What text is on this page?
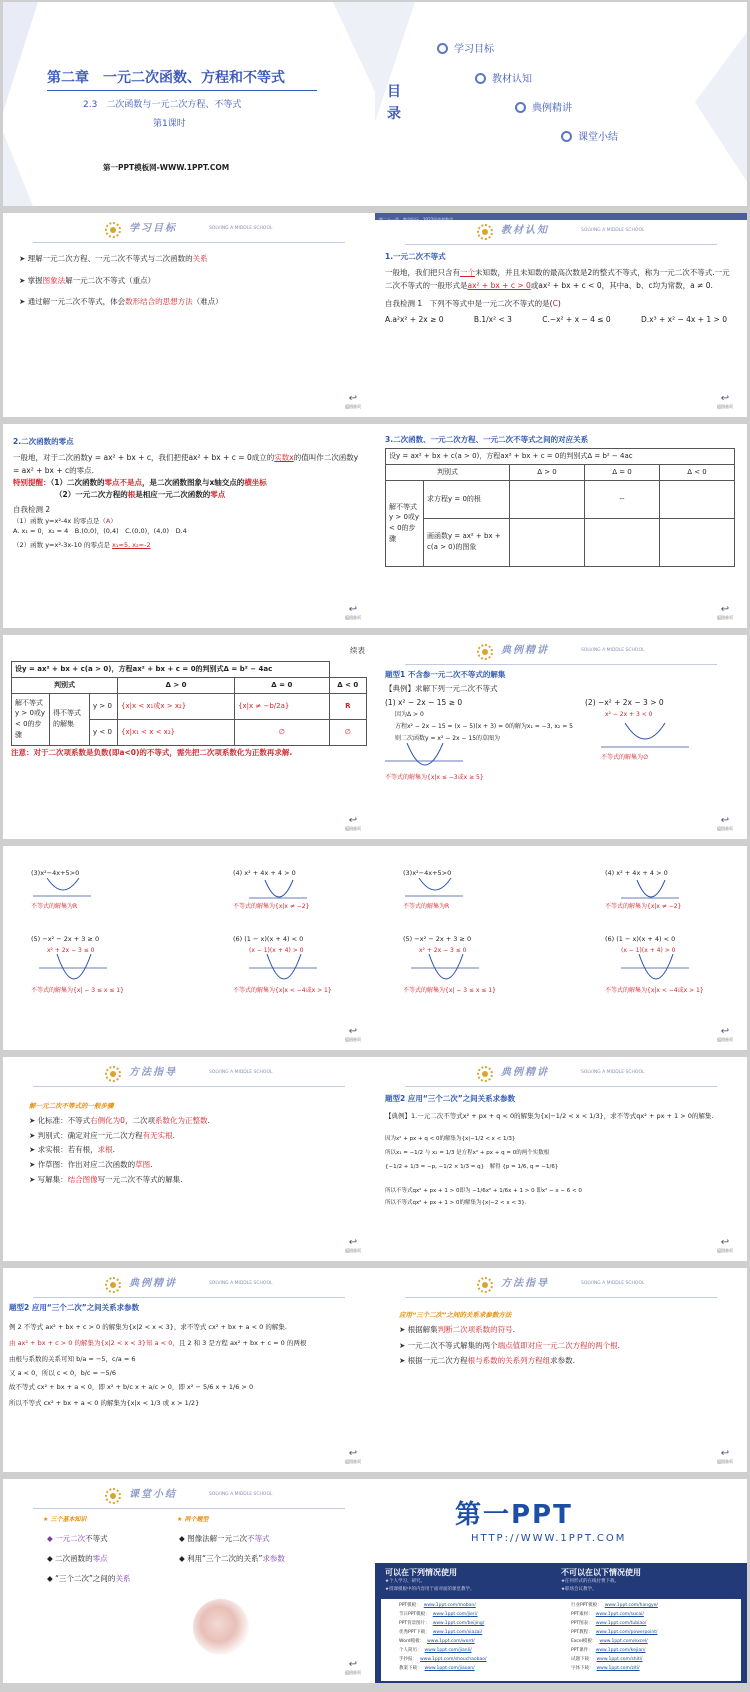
第二章　一元二次函数、方程和不等式
2.3　二次函数与一元二次方程、不等式
第1课时
第一PPT模板网-WWW.1PPT.COM
目
录
学习目标
教材认知
典例精讲
课堂小结
学习目标	SOLVING A MIDDLE SCHOOL
➤ 理解一元二次方程、一元二次不等式与二次函数的关系
➤ 掌握图象法解一元二次不等式（重点）
➤ 通过解一元二次不等式，体会数形结合的思想方法（难点）
↩
返回首页
第二十一章　数学好玩　2022届高考数学
教材认知	SOLVING A MIDDLE SCHOOL
1.一元二次不等式
一般地，我们把只含有一个未知数，并且未知数的最高次数是2的整式不等式，称为一元二次不等式.一元二次不等式的一般形式是ax² + bx + c > 0或ax² + bx + c < 0，其中a、b、c均为常数，a ≠ 0.
自我检测 1　下列不等式中是一元二次不等式的是(C)
A.a²x² + 2x ≥ 0	B.1/x² < 3	C.−x² + x − 4 ≤ 0	D.x³ + x² − 4x + 1 > 0
↩
返回首页
2.二次函数的零点
一般地，对于二次函数y = ax² + bx + c，我们把使ax² + bx + c = 0成立的实数x的值叫作二次函数y = ax² + bx + c的零点.
特别提醒：（1）二次函数的零点不是点，是二次函数图象与x轴交点的横坐标
（2）一元二次方程的根是相应一元二次函数的零点
自我检测 2
（1）函数 y=x²-4x 的零点是（A）
A. x₁ = 0，x₂ = 4　B.(0,0)，(0,4)　C.(0,0)，(4,0)　D.4
（2）函数 y=x²-3x-10 的零点是 x₁=5, x₂=-2
↩
返回首页
3.二次函数、一元二次方程、一元二次不等式之间的对应关系
设y = ax² + bx + c(a > 0)，方程ax² + bx + c = 0的判别式Δ = b² − 4ac				
判别式		Δ > 0	Δ = 0	Δ < 0
解不等式y > 0或y < 0的步骤	求方程y = 0的根		--	
	画函数y = ax² + bx + c(a > 0)的图象			
↩
返回首页
续表
设y = ax² + bx + c(a > 0)，方程ax² + bx + c = 0的判别式Δ = b² − 4ac					
判别式			Δ > 0	Δ = 0	Δ < 0
解不等式y > 0或y < 0的步骤	得不等式的解集	y > 0	{x|x < x₁或x > x₂}	{x|x ≠ −b/2a}	R
		y < 0	{x|x₁ < x < x₂}	∅	∅
注意：对于二次项系数是负数(即a<0)的不等式，需先把二次项系数化为正数再求解.
↩
返回首页
典例精讲	SOLVING A MIDDLE SCHOOL
题型1 不含参一元二次不等式的解集
【典例】求解下列一元二次不等式
(1) x² − 2x − 15 ≥ 0
因为Δ > 0
方程x² − 2x − 15 = (x − 5)(x + 3) = 0的解为x₁ = −3, x₂ = 5
则二次函数y = x² − 2x − 15的草图为
不等式的解集为{x|x ≤ −3或x ≥ 5}
(2) −x² + 2x − 3 > 0
x² − 2x + 3 < 0
不等式的解集为∅
↩
返回首页
(3)x²−4x+5>0
不等式的解集为R
(4) x² + 4x + 4 > 0
不等式的解集为{x|x ≠ −2}
(5) −x² − 2x + 3 ≥ 0
x² + 2x − 3 ≤ 0
不等式的解集为{x| − 3 ≤ x ≤ 1}
(6) (1 − x)(x + 4) < 0
(x − 1)(x + 4) > 0
不等式的解集为{x|x < −4或x > 1}
↩
返回首页
(3)x²−4x+5>0
不等式的解集为R
(4) x² + 4x + 4 > 0
不等式的解集为{x|x ≠ −2}
(5) −x² − 2x + 3 ≥ 0
x² + 2x − 3 ≤ 0
不等式的解集为{x| − 3 ≤ x ≤ 1}
(6) (1 − x)(x + 4) < 0
(x − 1)(x + 4) > 0
不等式的解集为{x|x < −4或x > 1}
↩
返回首页
方法指导	SOLVING A MIDDLE SCHOOL
解一元二次不等式的一般步骤
➤ 化标准：不等式右侧化为0，二次项系数化为正整数.
➤ 判别式：确定对应一元二次方程有无实根.
➤ 求实根：若有根，求根.
➤ 作草图：作出对应二次函数的草图.
➤ 写解集：结合图像写一元二次不等式的解集.
↩
返回首页
典例精讲	SOLVING A MIDDLE SCHOOL
题型2 应用“三个二次”之间关系求参数
【典例】1.一元二次不等式x² + px + q < 0的解集为{x|−1/2 < x < 1/3}，求不等式qx² + px + 1 > 0的解集.
因为x² + px + q < 0的解集为{x|−1/2 < x < 1/3}
所以x₁ = −1/2 与 x₂ = 1/3 是方程x² + px + q = 0的两个实数根
{−1/2 + 1/3 = −p, −1/2 × 1/3 = q}　解得 {p = 1/6, q = −1/6}
所以不等式qx² + px + 1 > 0即为 −1/6x² + 1/6x + 1 > 0 即x² − x − 6 < 0
所以不等式qx² + px + 1 > 0的解集为{x|−2 < x < 3}.
↩
返回首页
典例精讲	SOLVING A MIDDLE SCHOOL
题型2 应用“三个二次”之间关系求参数
例 2 不等式 ax² + bx + c > 0 的解集为{x|2 < x < 3}，求不等式 cx² + bx + a < 0 的解集.
由 ax² + bx + c > 0 的解集为{x|2 < x < 3}知 a < 0，且 2 和 3 是方程 ax² + bx + c = 0 的两根
由根与系数的关系可知 b/a = −5，c/a = 6
又 a < 0，所以 c < 0，b/c = −5/6
故不等式 cx² + bx + a < 0，即 x² + b/c x + a/c > 0，即 x² − 5/6 x + 1/6 > 0
所以不等式 cx² + bx + a < 0 的解集为{x|x < 1/3 或 x > 1/2}
↩
返回首页
方法指导	SOLVING A MIDDLE SCHOOL
应用“三个二次”之间的关系求参数方法
➤ 根据解集判断二次项系数的符号.
➤ 一元二次不等式解集的两个端点值即对应一元二次方程的两个根.
➤ 根据一元二次方程根与系数的关系列方程组求参数.
↩
返回首页
课堂小结	SOLVING A MIDDLE SCHOOL
★ 三个基本知识
◆ 一元二次不等式
◆ 二次函数的零点
◆ “三个二次”之间的关系
★ 两个题型
◆ 图像法解一元二次不等式
◆ 利用“三个二次的关系”求参数
↩
返回首页
第一PPT
HTTP://WWW.1PPT.COM
可以在下列情况使用
★个人学习、研究。
★授课模板中的内容用于面对面的课堂教学。
不可以在以下情况使用
★任何形式的在线付费下载。
★职场会议教学。
PPT模板： www.1ppt.com/moban/
节日PPT模板： www.1ppt.com/jieri/
PPT背景图片： www.1ppt.com/beijing/
优秀PPT下载： www.1ppt.com/xiazai/
Word模板： www.1ppt.com/word/
个人简历： www.1ppt.com/jianli/
手抄报： www.1ppt.com/shouchaobao/
教案下载： www.1ppt.com/jiaoan/
行业PPT模板： www.1ppt.com/hangye/
PPT素材： www.1ppt.com/sucai/
PPT图表： www.1ppt.com/tubiao/
PPT教程： www.1ppt.com/powerpoint/
Excel模板： www.1ppt.com/excel/
PPT课件： www.1ppt.com/kejian/
试题下载： www.1ppt.com/shiti/
字体下载： www.1ppt.com/ziti/
